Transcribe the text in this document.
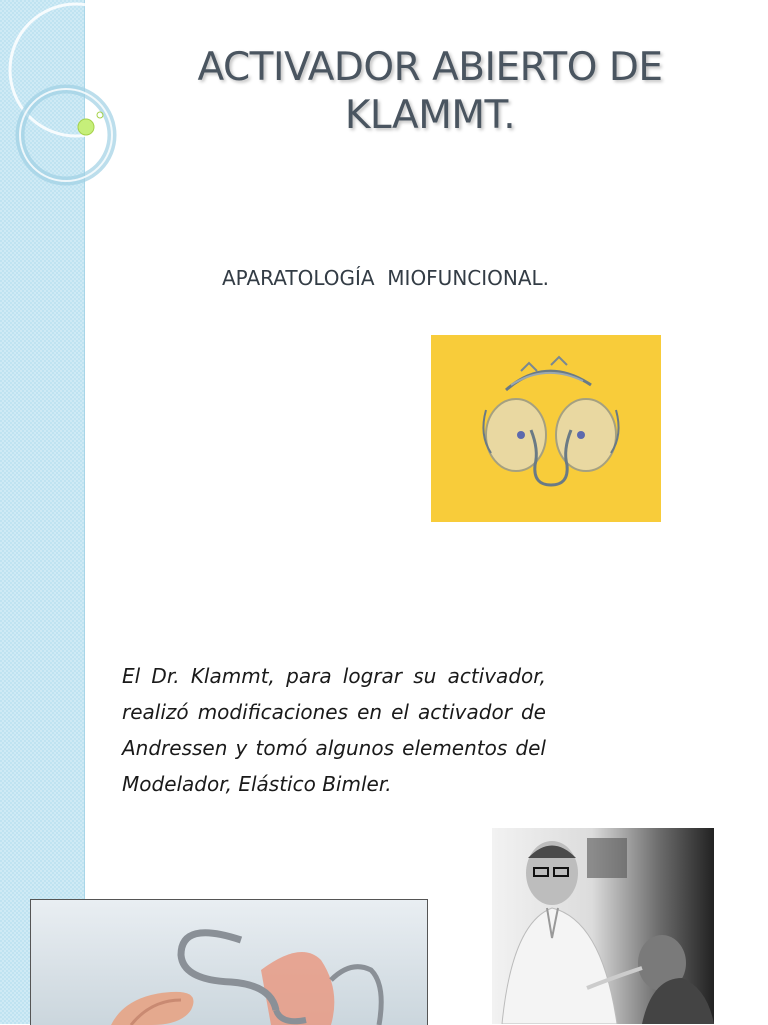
ACTIVADOR ABIERTO DE KLAMMT.
APARATOLOGÍA  MIOFUNCIONAL.

El Dr. Klammt, para lograr su activador, realizó modificaciones en el activador de Andressen y tomó algunos elementos del Modelador, Elástico Bimler.
